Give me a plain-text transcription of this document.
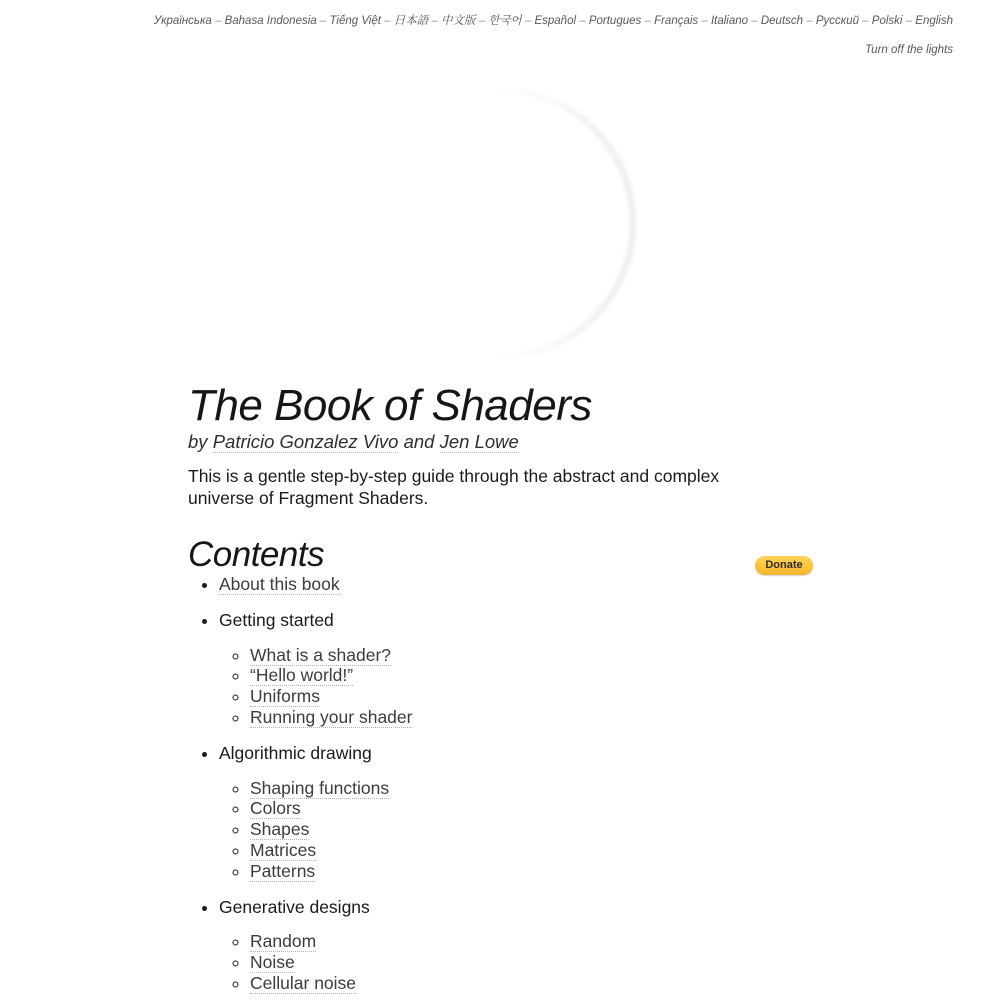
Українська – Bahasa Indonesia – Tiếng Việt – 日本語 – 中文版 – 한국어 – Español – Portugues – Français – Italiano – Deutsch – Русский – Polski – English
Turn off the lights
The Book of Shaders
by Patricio Gonzalez Vivo and Jen Lowe

This is a gentle step-by-step guide through the abstract and complex universe of Fragment Shaders.

Contents	Donate
• About this book
• Getting started
◦ What is a shader?
◦ “Hello world!”
◦ Uniforms
◦ Running your shader
• Algorithmic drawing
◦ Shaping functions
◦ Colors
◦ Shapes
◦ Matrices
◦ Patterns
• Generative designs
◦ Random
◦ Noise
◦ Cellular noise
